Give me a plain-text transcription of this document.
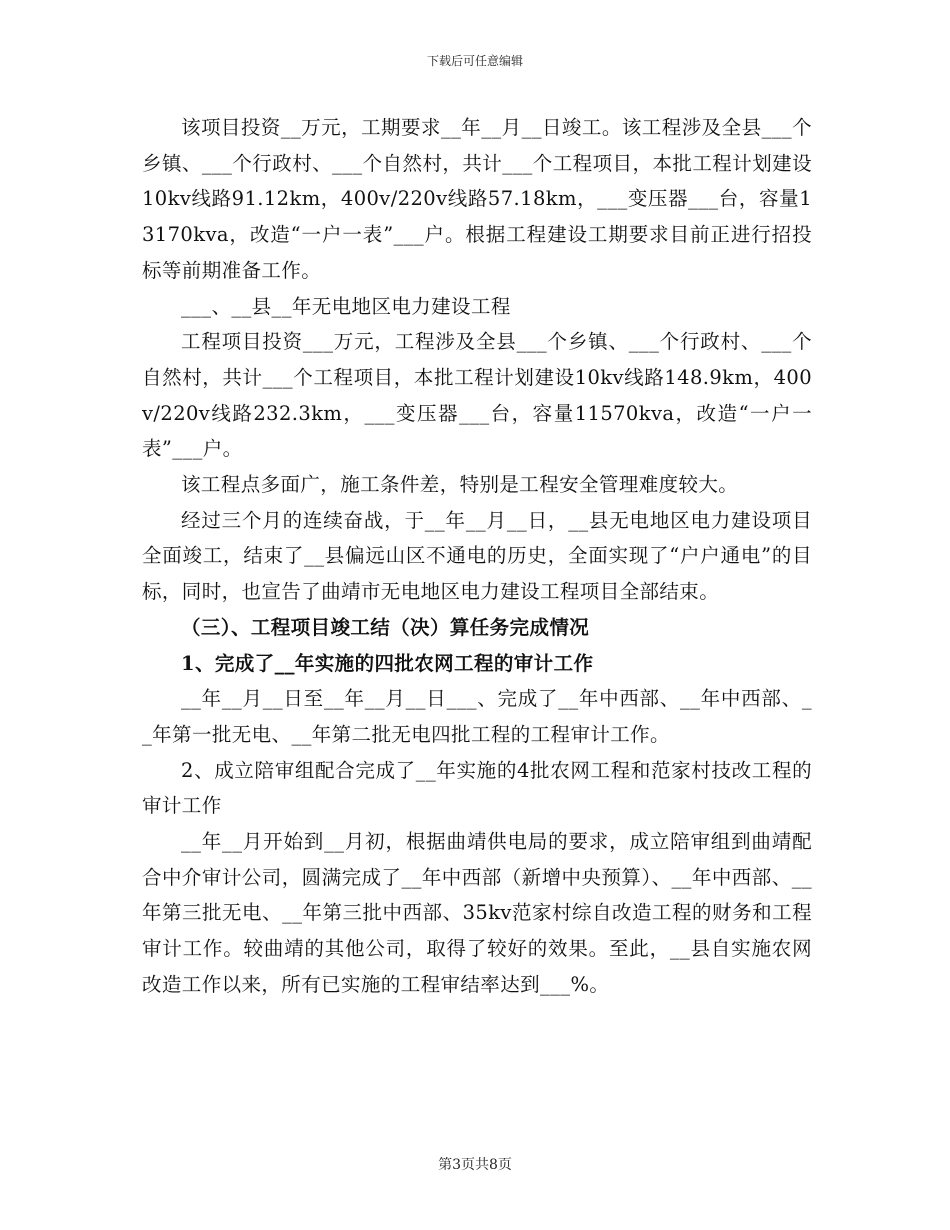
下载后可任意编辑

该项目投资__万元，工期要求__年__月__日竣工。该工程涉及全县___个乡镇、___个行政村、___个自然村，共计___个工程项目，本批工程计划建设10kv线路91.12km，400v/220v线路57.18km，___变压器___台，容量13170kva，改造“一户一表”___户。根据工程建设工期要求目前正进行招投标等前期准备工作。

___、__县__年无电地区电力建设工程

工程项目投资___万元，工程涉及全县___个乡镇、___个行政村、___个自然村，共计___个工程项目，本批工程计划建设10kv线路148.9km，400v/220v线路232.3km，___变压器___台，容量11570kva，改造“一户一表”___户。

该工程点多面广，施工条件差，特别是工程安全管理难度较大。

经过三个月的连续奋战，于__年__月__日，__县无电地区电力建设项目全面竣工，结束了__县偏远山区不通电的历史，全面实现了“户户通电”的目标，同时，也宣告了曲靖市无电地区电力建设工程项目全部结束。

（三）、工程项目竣工结（决）算任务完成情况

1、完成了__年实施的四批农网工程的审计工作

__年__月__日至__年__月__日___、完成了__年中西部、__年中西部、__年第一批无电、__年第二批无电四批工程的工程审计工作。

2、成立陪审组配合完成了__年实施的4批农网工程和范家村技改工程的审计工作

__年__月开始到__月初，根据曲靖供电局的要求，成立陪审组到曲靖配合中介审计公司，圆满完成了__年中西部（新增中央预算）、__年中西部、__年第三批无电、__年第三批中西部、35kv范家村综自改造工程的财务和工程审计工作。较曲靖的其他公司，取得了较好的效果。至此，__县自实施农网改造工作以来，所有已实施的工程审结率达到___%。

第3页共8页
